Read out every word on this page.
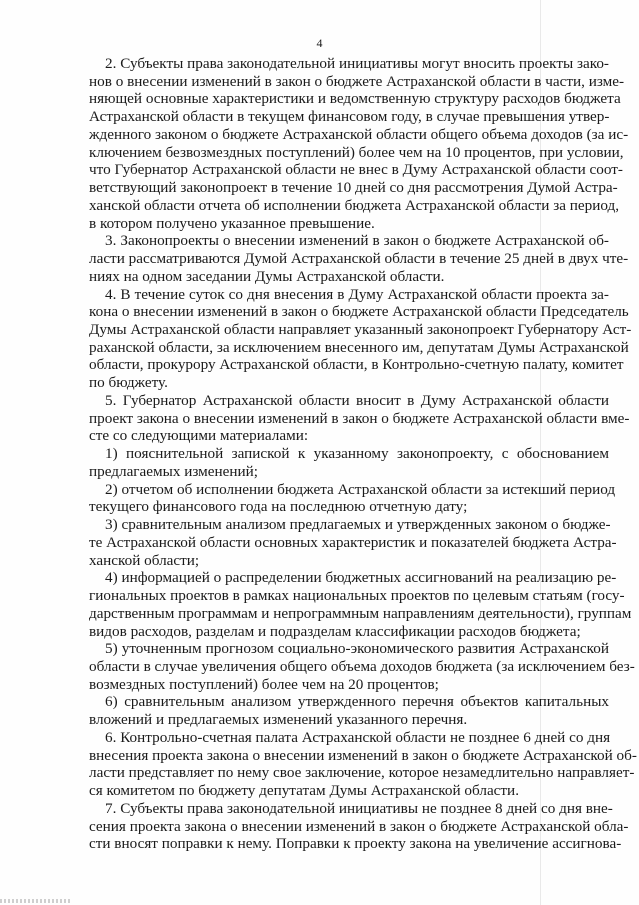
4
2. Субъекты права законодательной инициативы могут вносить проекты зако-
нов о внесении изменений в закон о бюджете Астраханской области в части, изме-
няющей основные характеристики и ведомственную структуру расходов бюджета
Астраханской области в текущем финансовом году, в случае превышения утвер-
жденного законом о бюджете Астраханской области общего объема доходов (за ис-
ключением безвозмездных поступлений) более чем на 10 процентов, при условии,
что Губернатор Астраханской области не внес в Думу Астраханской области соот-
ветствующий законопроект в течение 10 дней со дня рассмотрения Думой Астра-
ханской области отчета об исполнении бюджета Астраханской области за период,
в котором получено указанное превышение.
3. Законопроекты о внесении изменений в закон о бюджете Астраханской об-
ласти рассматриваются Думой Астраханской области в течение 25 дней в двух чте-
ниях на одном заседании Думы Астраханской области.
4. В течение суток со дня внесения в Думу Астраханской области проекта за-
кона о внесении изменений в закон о бюджете Астраханской области Председатель
Думы Астраханской области направляет указанный законопроект Губернатору Аст-
раханской области, за исключением внесенного им, депутатам Думы Астраханской
области, прокурору Астраханской области, в Контрольно-счетную палату, комитет
по бюджету.
5. Губернатор Астраханской области вносит в Думу Астраханской области
проект закона о внесении изменений в закон о бюджете Астраханской области вме-
сте со следующими материалами:
1) пояснительной запиской к указанному законопроекту, с обоснованием
предлагаемых изменений;
2) отчетом об исполнении бюджета Астраханской области за истекший период
текущего финансового года на последнюю отчетную дату;
3) сравнительным анализом предлагаемых и утвержденных законом о бюдже-
те Астраханской области основных характеристик и показателей бюджета Астра-
ханской области;
4) информацией о распределении бюджетных ассигнований на реализацию ре-
гиональных проектов в рамках национальных проектов по целевым статьям (госу-
дарственным программам и непрограммным направлениям деятельности), группам
видов расходов, разделам и подразделам классификации расходов бюджета;
5) уточненным прогнозом социально-экономического развития Астраханской
области в случае увеличения общего объема доходов бюджета (за исключением без-
возмездных поступлений) более чем на 20 процентов;
6) сравнительным анализом утвержденного перечня объектов капитальных
вложений и предлагаемых изменений указанного перечня.
6. Контрольно-счетная палата Астраханской области не позднее 6 дней со дня
внесения проекта закона о внесении изменений в закон о бюджете Астраханской об-
ласти представляет по нему свое заключение, которое незамедлительно направляет-
ся комитетом по бюджету депутатам Думы Астраханской области.
7. Субъекты права законодательной инициативы не позднее 8 дней со дня вне-
сения проекта закона о внесении изменений в закон о бюджете Астраханской обла-
сти вносят поправки к нему. Поправки к проекту закона на увеличение ассигнова-
